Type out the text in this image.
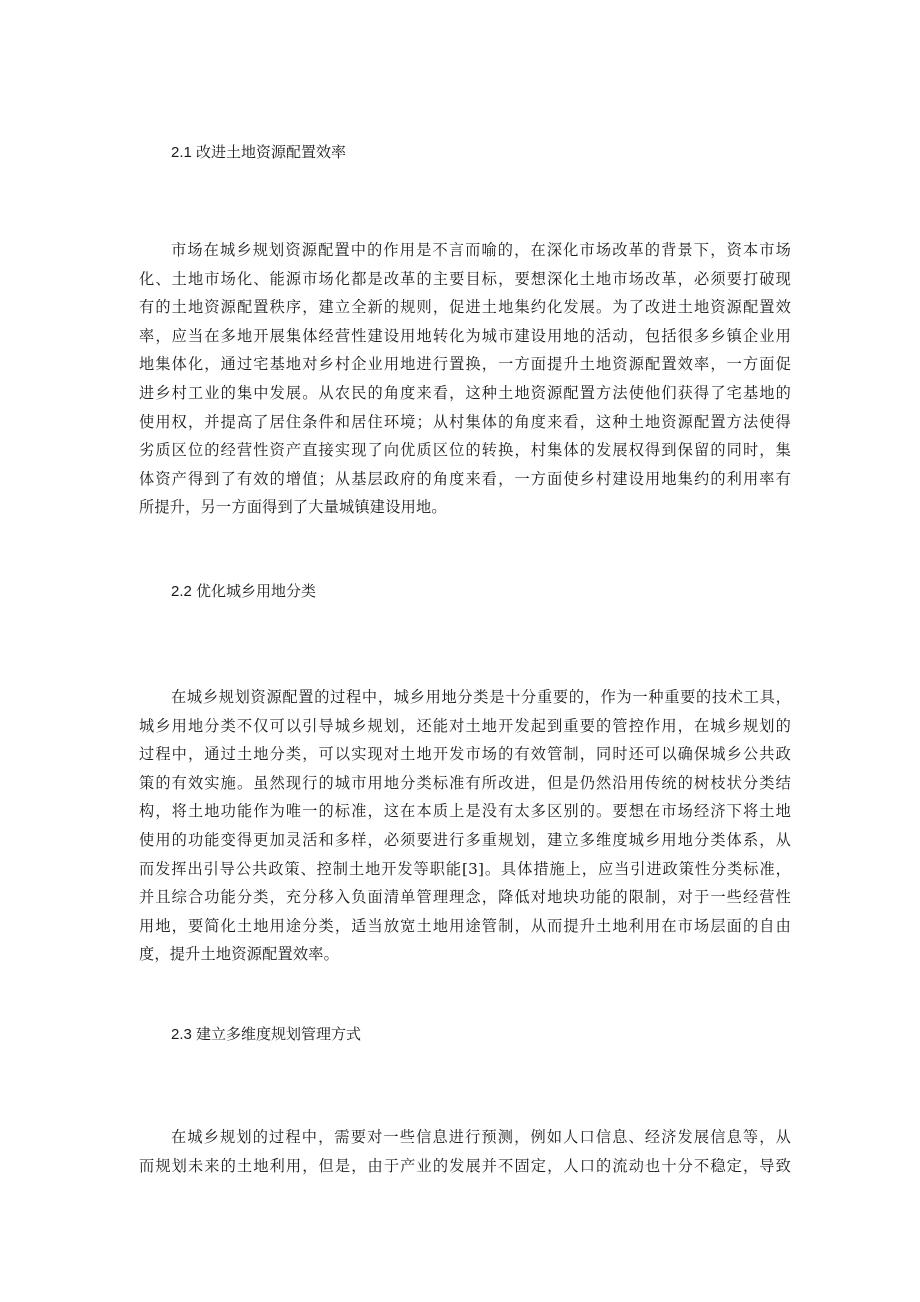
2.1 改进土地资源配置效率
市场在城乡规划资源配置中的作用是不言而喻的，在深化市场改革的背景下，资本市场
化、土地市场化、能源市场化都是改革的主要目标，要想深化土地市场改革，必须要打破现
有的土地资源配置秩序，建立全新的规则，促进土地集约化发展。为了改进土地资源配置效
率，应当在多地开展集体经营性建设用地转化为城市建设用地的活动，包括很多乡镇企业用
地集体化，通过宅基地对乡村企业用地进行置换，一方面提升土地资源配置效率，一方面促
进乡村工业的集中发展。从农民的角度来看，这种土地资源配置方法使他们获得了宅基地的
使用权，并提高了居住条件和居住环境；从村集体的角度来看，这种土地资源配置方法使得
劣质区位的经营性资产直接实现了向优质区位的转换，村集体的发展权得到保留的同时，集
体资产得到了有效的增值；从基层政府的角度来看，一方面使乡村建设用地集约的利用率有
所提升，另一方面得到了大量城镇建设用地。
2.2 优化城乡用地分类
在城乡规划资源配置的过程中，城乡用地分类是十分重要的，作为一种重要的技术工具，
城乡用地分类不仅可以引导城乡规划，还能对土地开发起到重要的管控作用，在城乡规划的
过程中，通过土地分类，可以实现对土地开发市场的有效管制，同时还可以确保城乡公共政
策的有效实施。虽然现行的城市用地分类标准有所改进，但是仍然沿用传统的树枝状分类结
构，将土地功能作为唯一的标准，这在本质上是没有太多区别的。要想在市场经济下将土地
使用的功能变得更加灵活和多样，必须要进行多重规划，建立多维度城乡用地分类体系，从
而发挥出引导公共政策、控制土地开发等职能[3]。具体措施上，应当引进政策性分类标准，
并且综合功能分类，充分移入负面清单管理理念，降低对地块功能的限制，对于一些经营性
用地，要简化土地用途分类，适当放宽土地用途管制，从而提升土地利用在市场层面的自由
度，提升土地资源配置效率。
2.3 建立多维度规划管理方式
在城乡规划的过程中，需要对一些信息进行预测，例如人口信息、经济发展信息等，从
而规划未来的土地利用，但是，由于产业的发展并不固定，人口的流动也十分不稳定，导致
